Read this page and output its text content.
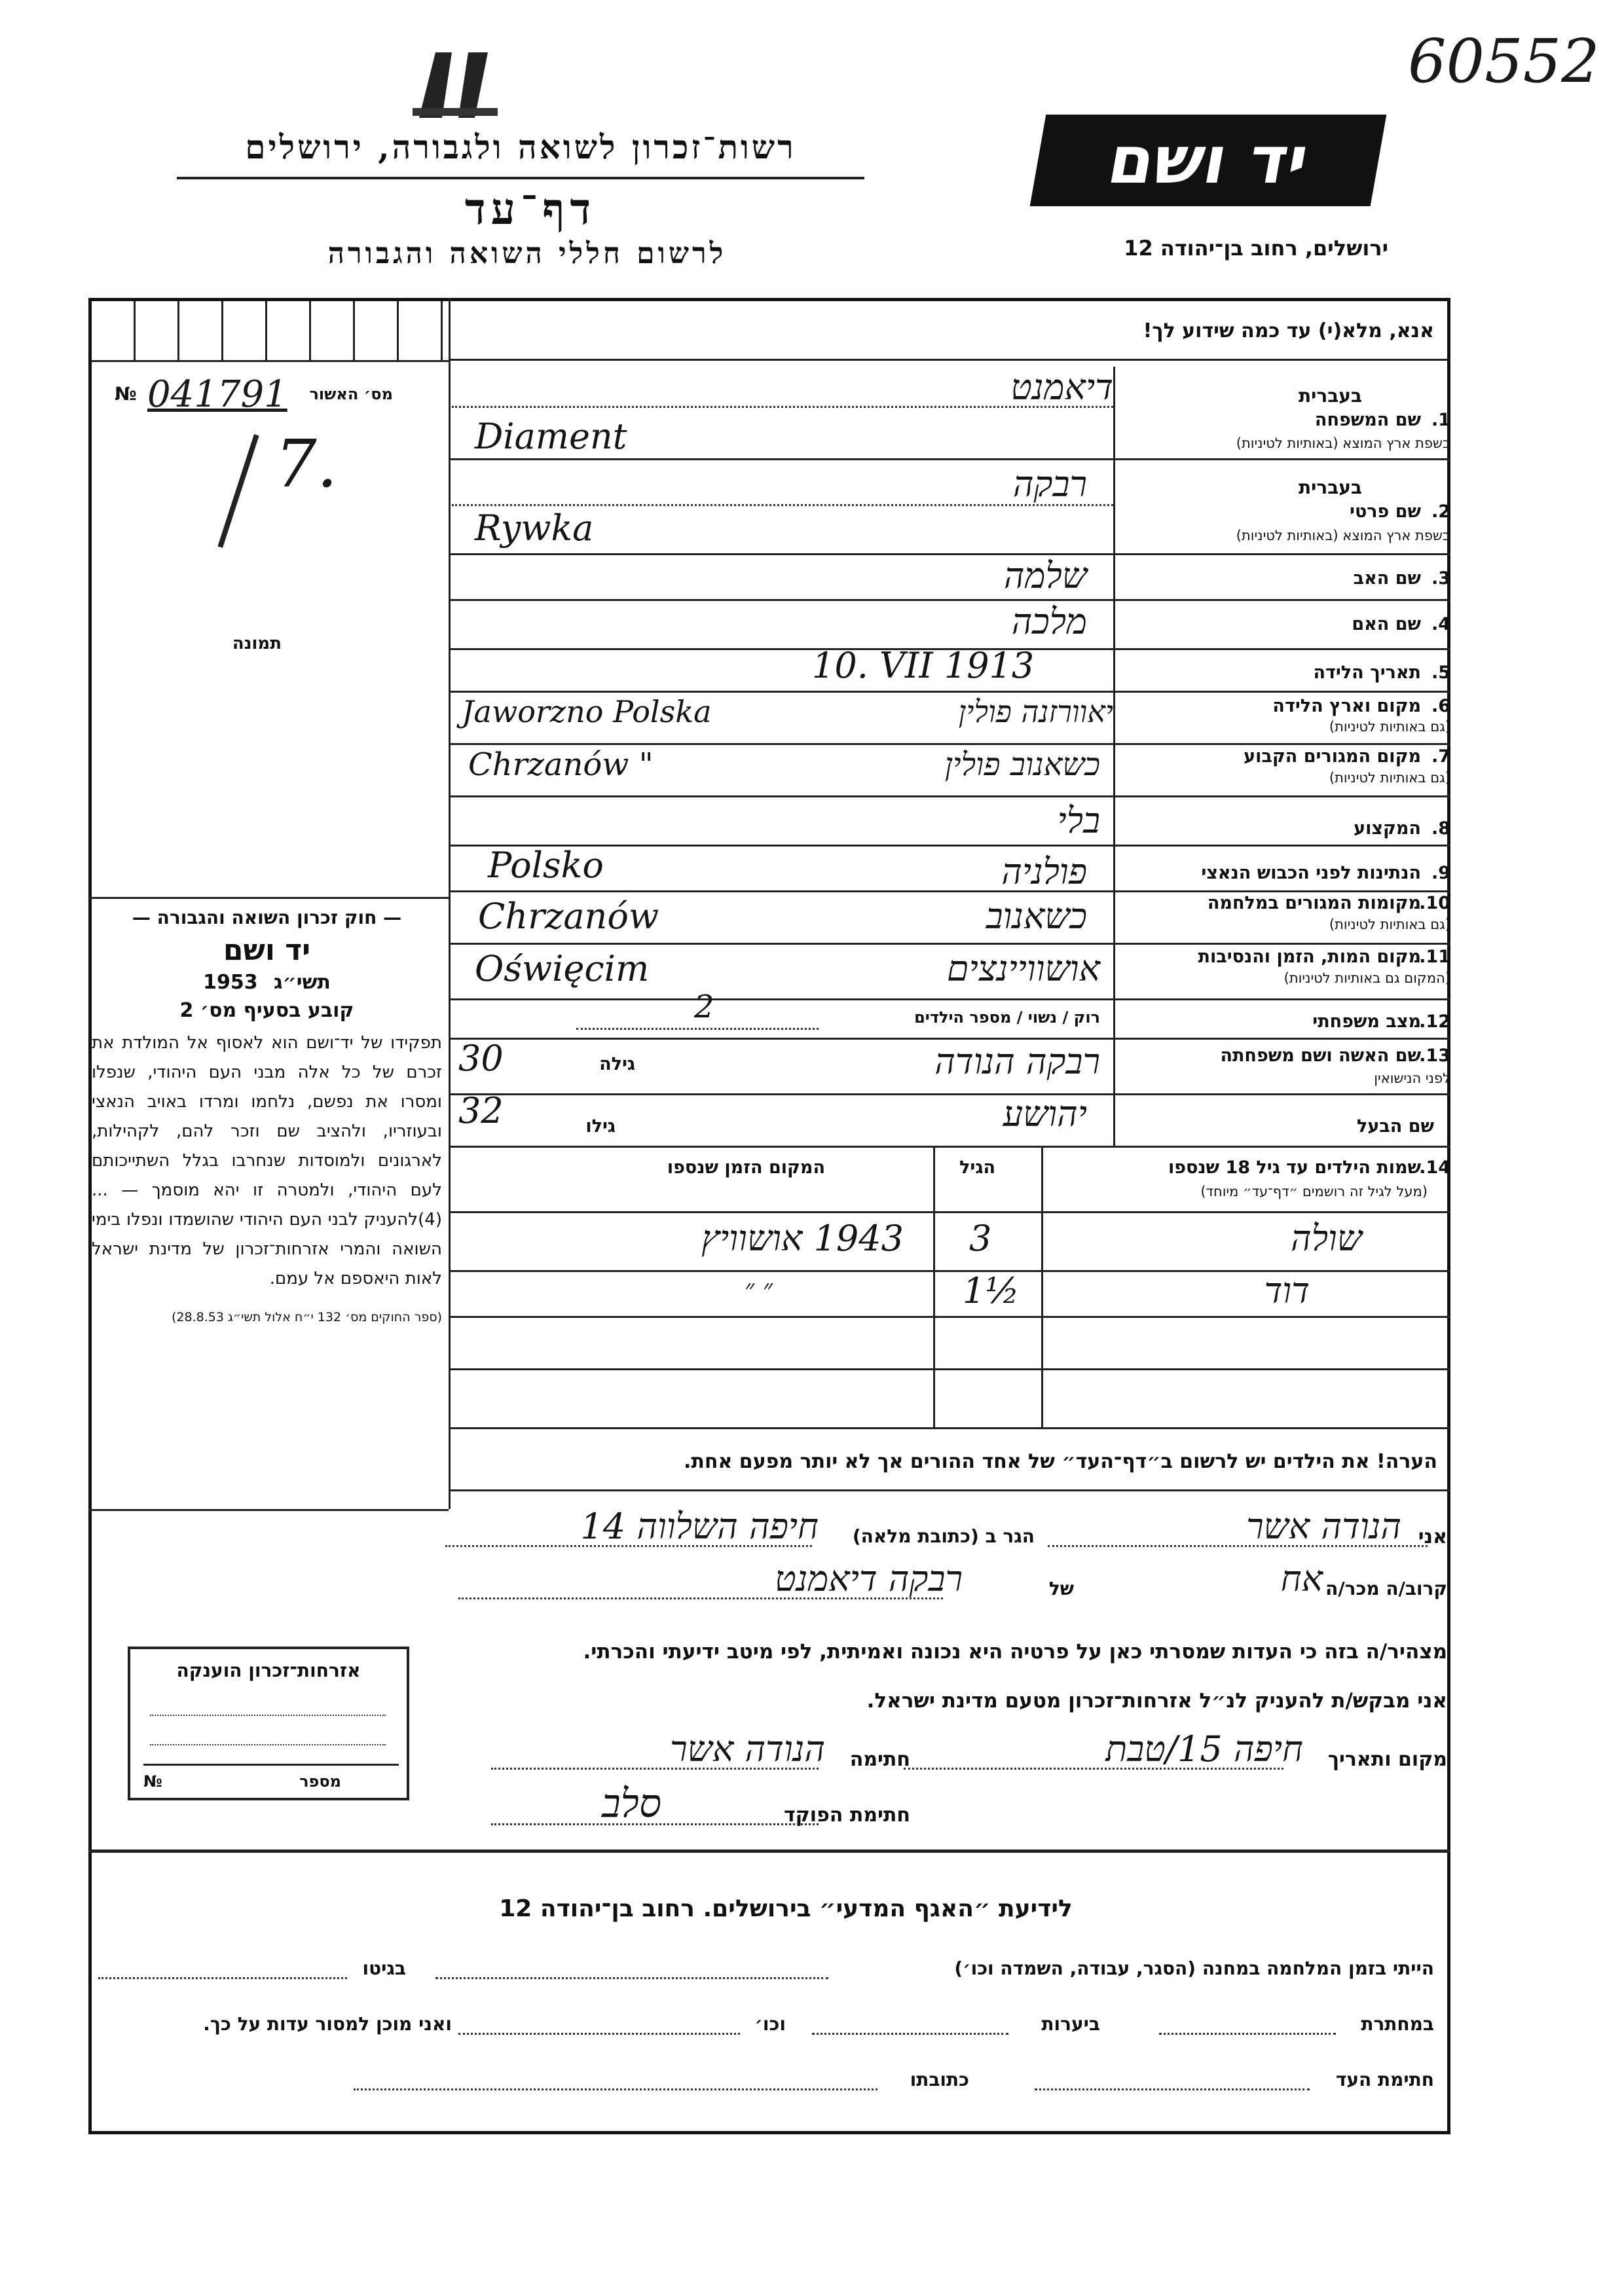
60552
רשות־זכרון לשואה ולגבורה, ירושלים
דף־עד
לרשום חללי השואה והגבורה
יד ושם
ירושלים, רחוב בן־יהודה 12
אנא, מלא(י) עד כמה שידוע לך!
מס׳ האשור
№ 041791
7.
תמונה
בעברית
1.
שם המשפחה
בשפת ארץ המוצא (באותיות לטיניות)
דיאמנט
Diament
בעברית
2.
שם פרטי
בשפת ארץ המוצא (באותיות לטיניות)
רבקה
Rywka
3.
שם האב
שלמה
4.
שם האם
מלכה
5.
תאריך הלידה
10. VII 1913
6.
מקום וארץ הלידה
(גם באותיות לטיניות)
יאוורזנה פולין
Jaworzno Polska
7.
מקום המגורים הקבוע
(גם באותיות לטיניות)
כשאנוב פולין
Chrzanów "
8.
המקצוע
בלי
9.
הנתינות לפני הכבוש הנאצי
פולניה
Polsko
10.
מקומות המגורים במלחמה
(גם באותיות לטיניות)
כשאנוב
Chrzanów
11.
מקום המות, הזמן והנסיבות
(המקום גם באותיות לטיניות)
אושוויינצים
Oświęcim
12.
מצב משפחתי
רוק / נשוי / מספר הילדים
2
13.
שם האשה ושם משפחתה
לפני הנישואין
גילה
30	רבקה הנודה
שם הבעל
גילו
32	יהושע
14.
שמות הילדים עד גיל 18 שנספו
(מעל לגיל זה רושמים ״דף־עד״ מיוחד)
הגיל
המקום הזמן שנספו
שולה
3
1943 אושוויץ
דוד
1½
״ ״
— חוק זכרון השואה והגבורה —
יד ושם
תשי״ג 1953
קובע בסעיף מס׳ 2
תפקידו של יד־ושם הוא לאסוף אל המולדת את זכרם של כל אלה מבני העם היהודי, שנפלו ומסרו את נפשם, נלחמו ומרדו באויב הנאצי ובעוזריו, ולהציב שם וזכר להם, לקהילות, לארגונים ולמוסדות שנחרבו בגלל השתייכותם לעם היהודי, ולמטרה זו יהא מוסמך — ...(4)להעניק לבני העם היהודי שהושמדו ונפלו בימי השואה והמרי אזרחות־זכרון של מדינת ישראל לאות היאספם אל עמם.
(ספר החוקים מס׳ 132 י״ח אלול תשי״ג 28.8.53)
הערה! את הילדים יש לרשום ב״דף־העד״ של אחד ההורים אך לא יותר מפעם אחת.
אני
הנודה אשר
הגר ב (כתובת מלאה)
חיפה השלווה 14
קרוב/ה מכר/ה
אח
של
רבקה דיאמנט
מצהיר/ה בזה כי העדות שמסרתי כאן על פרטיה היא נכונה ואמיתית, לפי מיטב ידיעתי והכרתי.
אני מבקש/ת להעניק לנ״ל אזרחות־זכרון מטעם מדינת ישראל.
מקום ותאריך
חיפה 15/טבת
חתימה
הנודה אשר
חתימת הפוקד
סלב
אזרחות־זכרון הוענקה
מספר
№
לידיעת ״האגף המדעי״ בירושלים. רחוב בן־יהודה 12
הייתי בזמן המלחמה במחנה (הסגר, עבודה, השמדה וכו׳)
בגיטו
במחתרת
ביערות
וכו׳
ואני מוכן למסור עדות על כך.
חתימת העד
כתובתו
